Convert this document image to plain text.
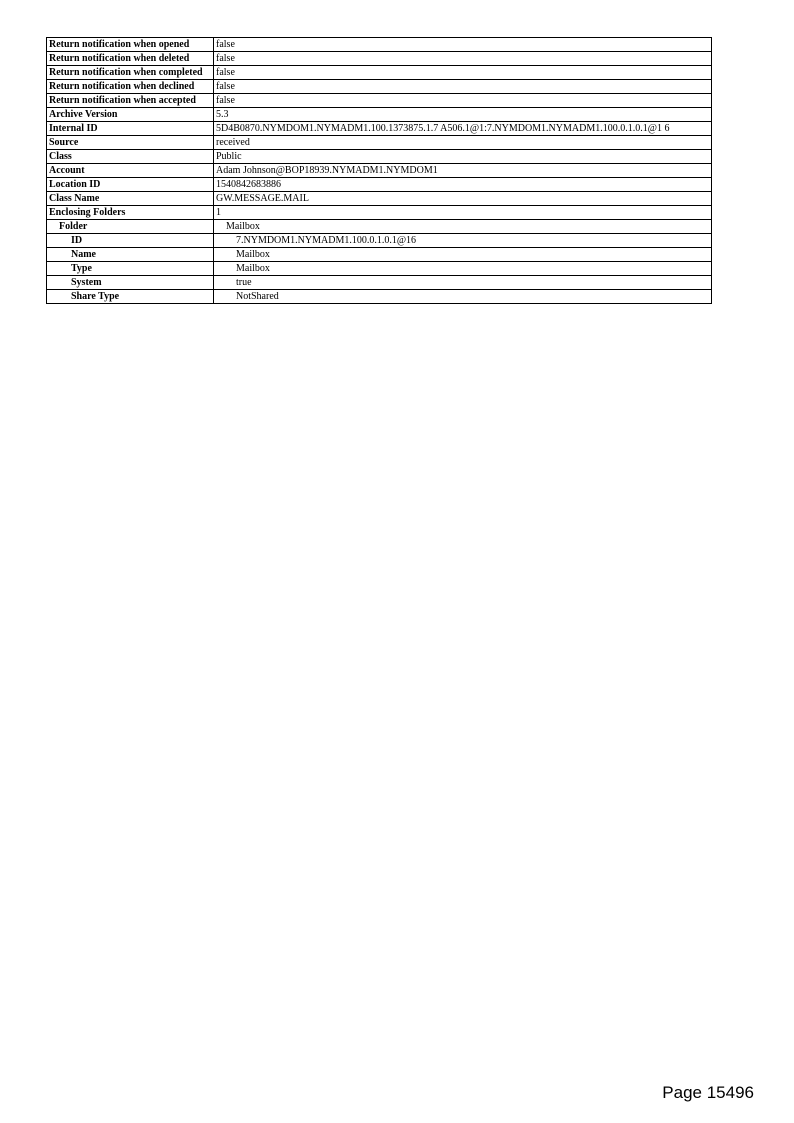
Return notification when opened	false
Return notification when deleted	false
Return notification when completed	false
Return notification when declined	false
Return notification when accepted	false
Archive Version	5.3
Internal ID	5D4B0870.NYMDOM1.NYMADM1.100.1373875.1.7 A506.1@1:7.NYMDOM1.NYMADM1.100.0.1.0.1@1 6
Source	received
Class	Public
Account	Adam Johnson@BOP18939.NYMADM1.NYMDOM1
Location ID	1540842683886
Class Name	GW.MESSAGE.MAIL
Enclosing Folders	1
Folder	Mailbox
ID	7.NYMDOM1.NYMADM1.100.0.1.0.1@16
Name	Mailbox
Type	Mailbox
System	true
Share Type	NotShared
Page 15496
